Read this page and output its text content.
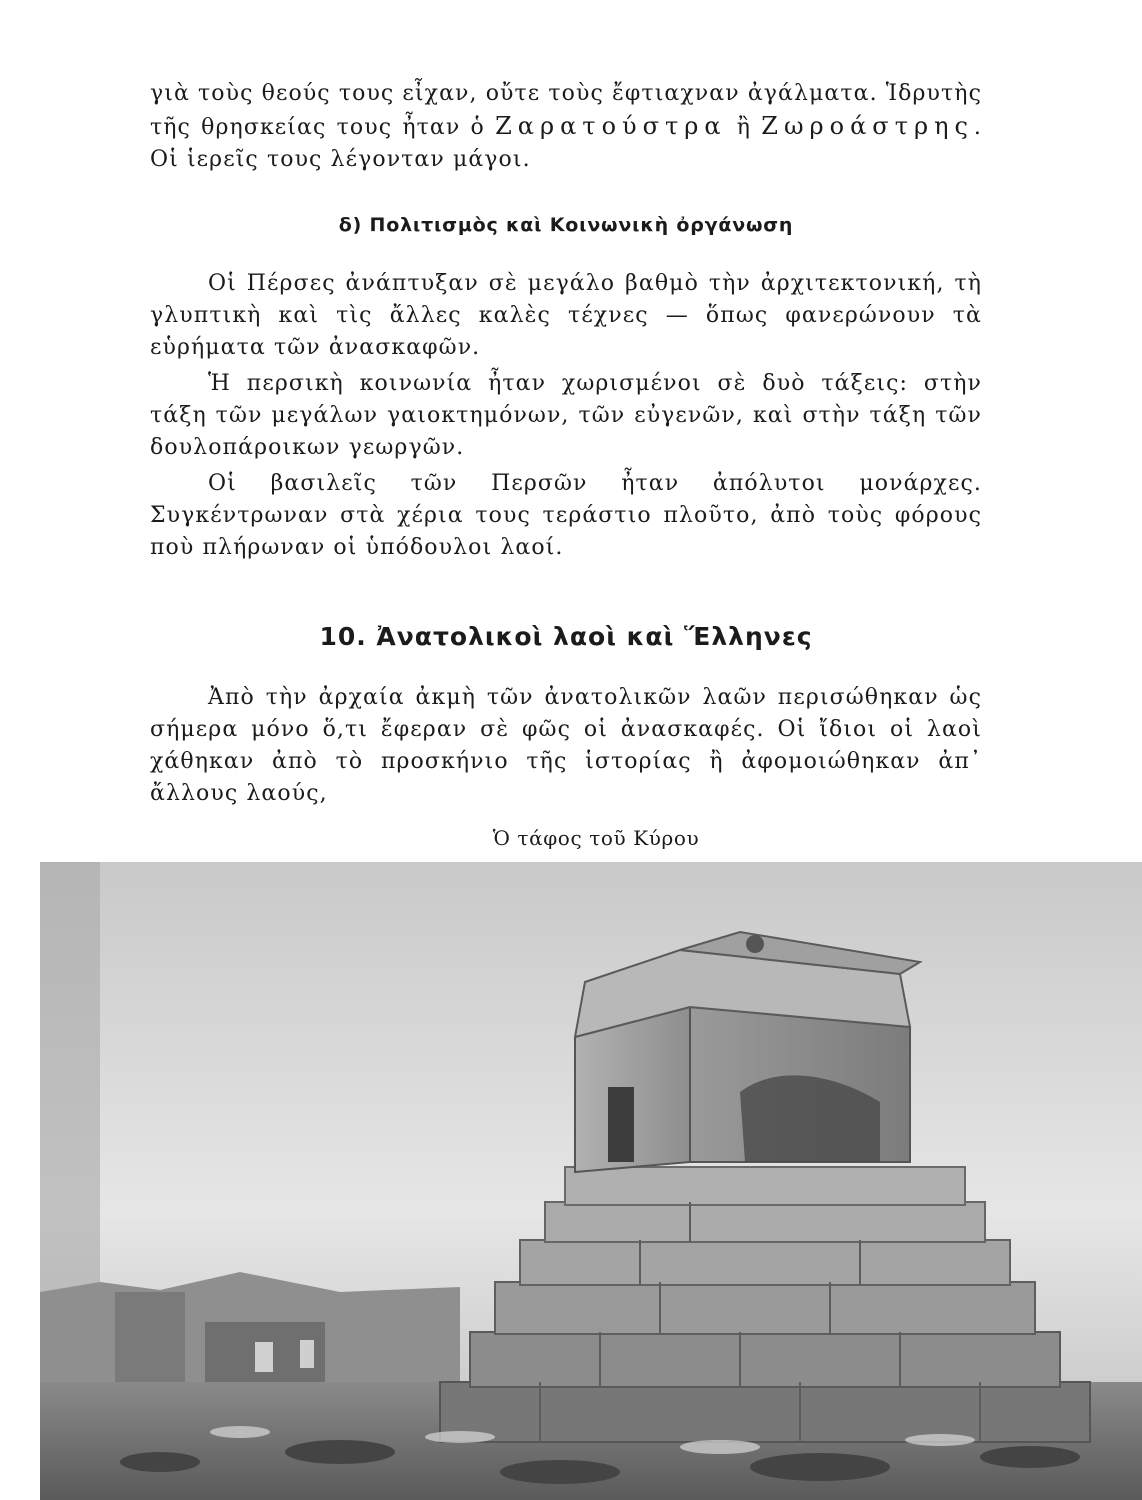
γιὰ τοὺς θεούς τους εἶχαν, οὔτε τοὺς ἔφτιαχναν ἀγάλματα. Ἱδρυτὴς τῆς θρησκείας τους ἦταν ὁ Ζαρατούστρα ἢ Ζωροάστρης. Οἱ ἱερεῖς τους λέγονταν μάγοι.

δ) Πολιτισμὸς καὶ Κοινωνικὴ ὀργάνωση

Οἱ Πέρσες ἀνάπτυξαν σὲ μεγάλο βαθμὸ τὴν ἀρχιτεκτονική, τὴ γλυπτικὴ καὶ τὶς ἄλλες καλὲς τέχνες — ὅπως φανερώνουν τὰ εὑρήματα τῶν ἀνασκαφῶν.

Ἡ περσικὴ κοινωνία ἦταν χωρισμένοι σὲ δυὸ τάξεις: στὴν τάξη τῶν μεγάλων γαιοκτημόνων, τῶν εὐγενῶν, καὶ στὴν τάξη τῶν δουλοπάροικων γεωργῶν.

Οἱ βασιλεῖς τῶν Περσῶν ἦταν ἀπόλυτοι μονάρχες. Συγκέντρωναν στὰ χέρια τους τεράστιο πλοῦτο, ἀπὸ τοὺς φόρους ποὺ πλήρωναν οἱ ὑπόδουλοι λαοί.

10. Ἀνατολικοὶ λαοὶ καὶ Ἕλληνες

Ἀπὸ τὴν ἀρχαία ἀκμὴ τῶν ἀνατολικῶν λαῶν περισώθηκαν ὡς σήμερα μόνο ὅ,τι ἔφεραν σὲ φῶς οἱ ἀνασκαφές. Οἱ ἴδιοι οἱ λαοὶ χάθηκαν ἀπὸ τὸ προσκήνιο τῆς ἱστορίας ἢ ἀφομοιώθηκαν ἀπ᾽ ἄλλους λαούς,

Ὁ τάφος τοῦ Κύρου
